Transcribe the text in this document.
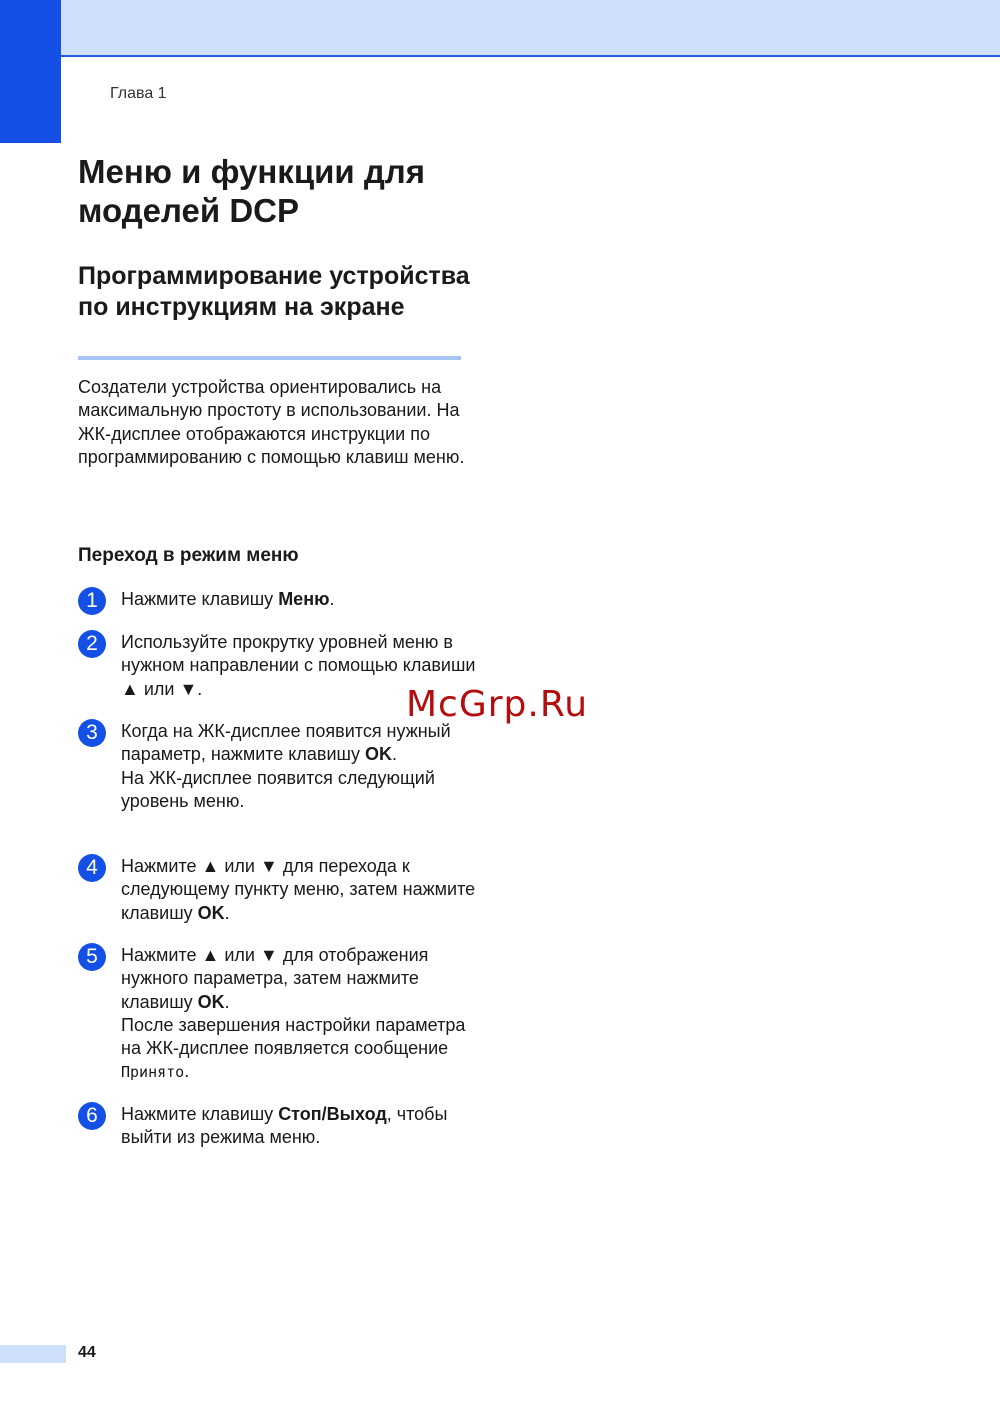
Глава 1
Меню и функции для моделей DCP
Программирование устройства по инструкциям на экране

Создатели устройства ориентировались на максимальную простоту в использовании. На ЖК-дисплее отображаются инструкции по программированию с помощью клавиш меню.

Переход в режим меню
1	Нажмите клавишу Меню.
2	Используйте прокрутку уровней меню в нужном направлении с помощью клавиши ▲ или ▼.
3	Когда на ЖК-дисплее появится нужный параметр, нажмите клавишу OK.
На ЖК-дисплее появится следующий уровень меню.
4	Нажмите ▲ или ▼ для перехода к следующему пункту меню, затем нажмите клавишу OK.
5	Нажмите ▲ или ▼ для отображения нужного параметра, затем нажмите клавишу OK.
После завершения настройки параметра на ЖК-дисплее появляется сообщение Принято.
6	Нажмите клавишу Стоп/Выход, чтобы выйти из режима меню.
McGrp.Ru
44
